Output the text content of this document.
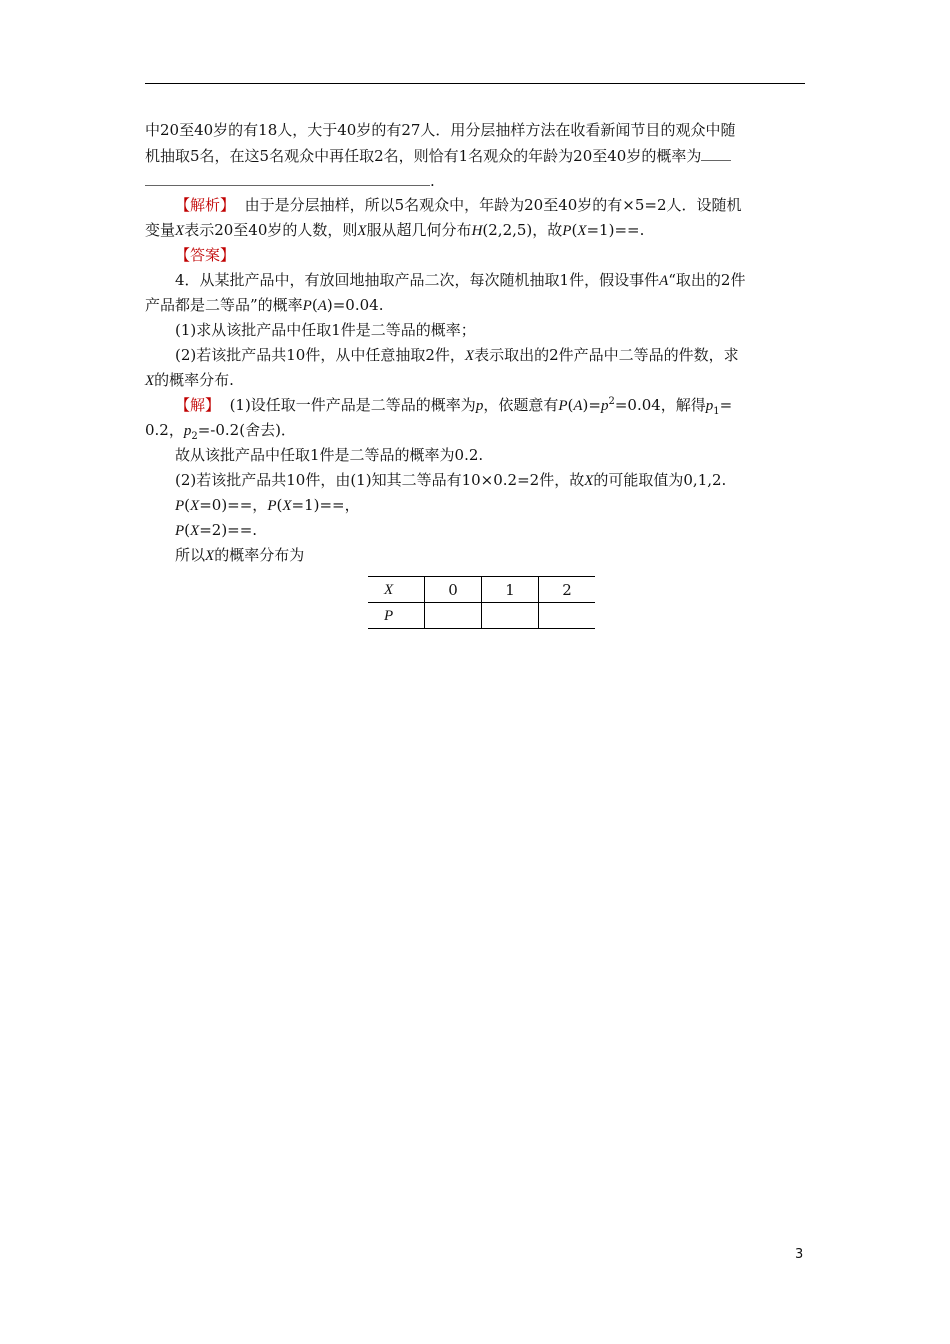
中20至40岁的有18人，大于40岁的有27人．用分层抽样方法在收看新闻节目的观众中随
机抽取5名，在这5名观众中再任取2名，则恰有1名观众的年龄为20至40岁的概率为
.
【解析】 由于是分层抽样，所以5名观众中，年龄为20至40岁的有×5=2人．设随机
变量X表示20至40岁的人数，则X服从超几何分布H(2,2,5)，故P(X=1)==.
【答案】
4．从某批产品中，有放回地抽取产品二次，每次随机抽取1件，假设事件A“取出的2件
产品都是二等品”的概率P(A)=0.04.
(1)求从该批产品中任取1件是二等品的概率；
(2)若该批产品共10件，从中任意抽取2件，X表示取出的2件产品中二等品的件数，求
X的概率分布.
【解】 (1)设任取一件产品是二等品的概率为p，依题意有$P(A)=p^2=0.04$，解得$p_1=$
0.2，$p_2=-0.2$(舍去)．
故从该批产品中任取1件是二等品的概率为0.2.
(2)若该批产品共10件，由(1)知其二等品有10×0.2=2件，故X的可能取值为0,1,2.
P(X=0)==，P(X=1)==，
P(X=2)==.
所以X的概率分布为
X	0	1	2
P			
3
